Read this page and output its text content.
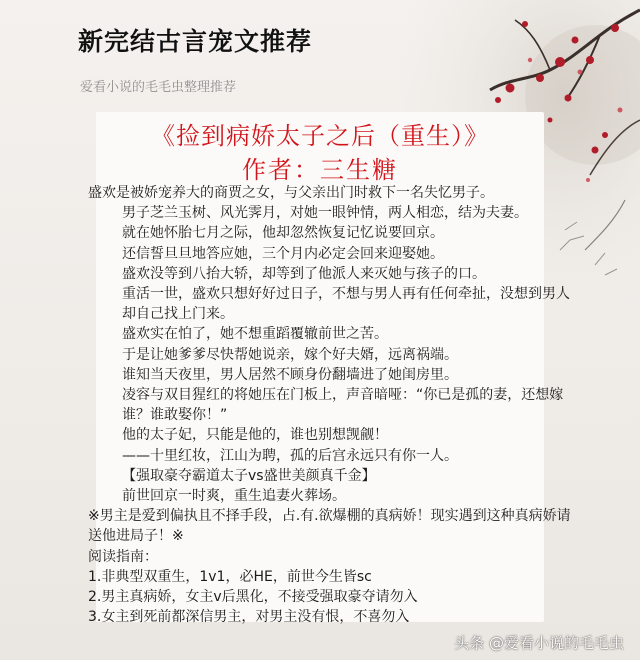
新完结古言宠文推荐
爱看小说的毛毛虫整理推荐
《捡到病娇太子之后（重生）》
作者：三生糖

盛欢是被娇宠养大的商贾之女，与父亲出门时救下一名失忆男子。

男子芝兰玉树、风光霁月，对她一眼钟情，两人相恋，结为夫妻。

就在她怀胎七月之际，他却忽然恢复记忆说要回京。

还信誓旦旦地答应她，三个月内必定会回来迎娶她。

盛欢没等到八抬大轿，却等到了他派人来灭她与孩子的口。

重活一世，盛欢只想好好过日子，不想与男人再有任何牵扯，没想到男人却自己找上门来。

盛欢实在怕了，她不想重蹈覆辙前世之苦。

于是让她爹爹尽快帮她说亲，嫁个好夫婿，远离祸端。

谁知当天夜里，男人居然不顾身份翻墙进了她闺房里。

凌容与双目猩红的将她压在门板上，声音暗哑：“你已是孤的妻，还想嫁谁？谁敢娶你！”

他的太子妃，只能是他的，谁也别想觊觎！

——十里红妆，江山为聘，孤的后宫永远只有你一人。

【强取豪夺霸道太子vs盛世美颜真千金】

前世回京一时爽，重生追妻火葬场。

※男主是爱到偏执且不择手段，占.有.欲爆棚的真病娇！现实遇到这种真病娇请送他进局子！※

阅读指南：

1.非典型双重生，1v1，必HE，前世今生皆sc

2.男主真病娇，女主v后黑化，不接受强取豪夺请勿入

3.女主到死前都深信男主，对男主没有恨，不喜勿入

头条 @爱看小说的毛毛虫
